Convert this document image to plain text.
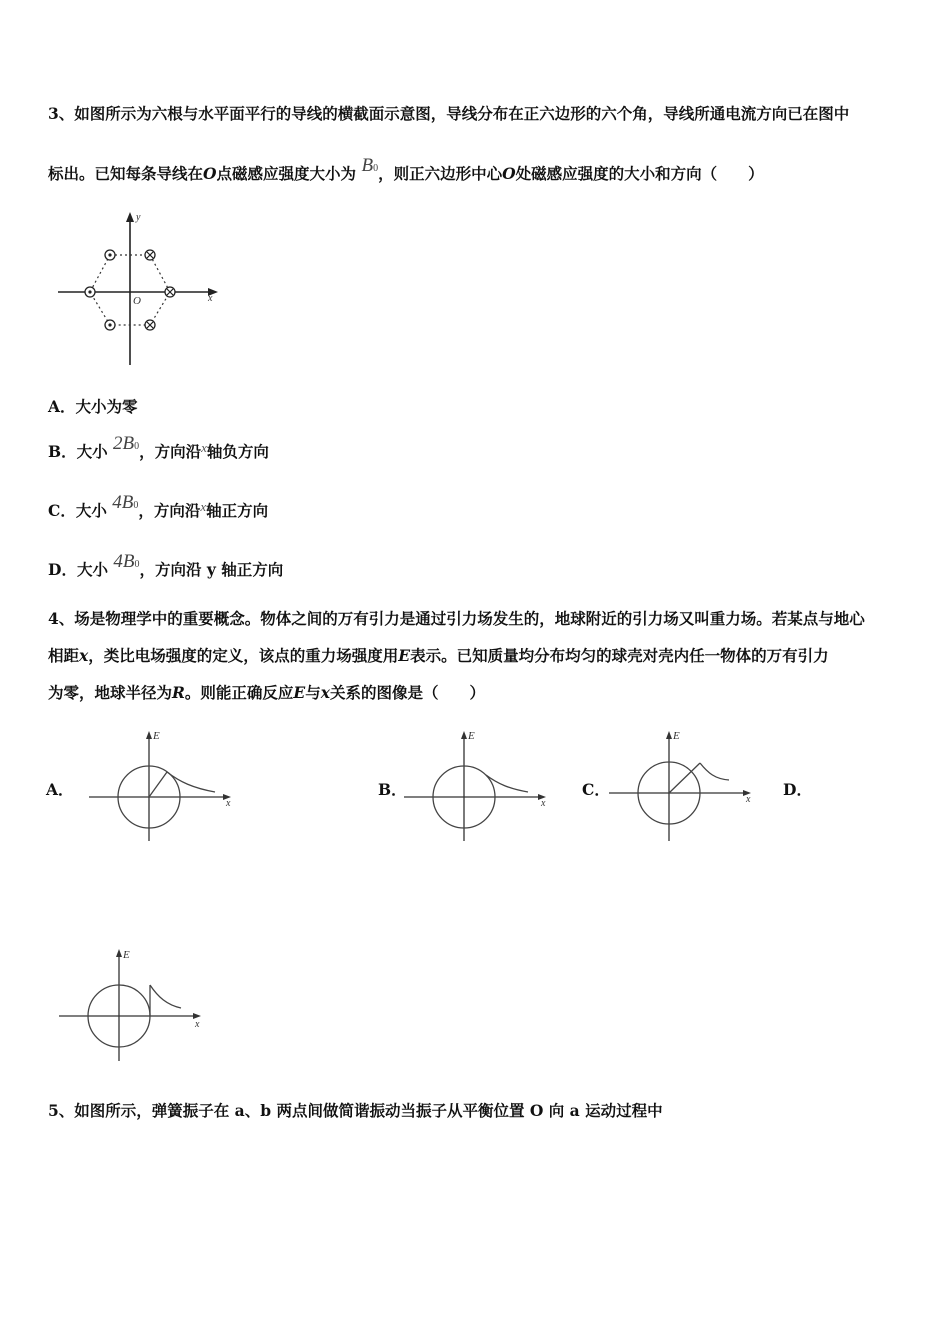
3、如图所示为六根与水平面平行的导线的横截面示意图，导线分布在正六边形的六个角，导线所通电流方向已在图中
标出。已知每条导线在O点磁感应强度大小为 B0，则正六边形中心O处磁感应强度的大小和方向（　　）
y
x
O
A．大小为零
B．大小 2B0，方向沿$^x$轴负方向
C．大小 4B0，方向沿$^x$轴正方向
D．大小 4B0，方向沿 y 轴正方向
4、场是物理学中的重要概念。物体之间的万有引力是通过引力场发生的，地球附近的引力场又叫重力场。若某点与地心
相距x，类比电场强度的定义，该点的重力场强度用E表示。已知质量均分布均匀的球壳对壳内任一物体的万有引力
为零，地球半径为R。则能正确反应E与x关系的图像是（　　）
A．	B．	C．	D．
E
x
E
x
E
x
E
x
5、如图所示，弹簧振子在 a、b 两点间做简谐振动当振子从平衡位置 O 向 a 运动过程中
